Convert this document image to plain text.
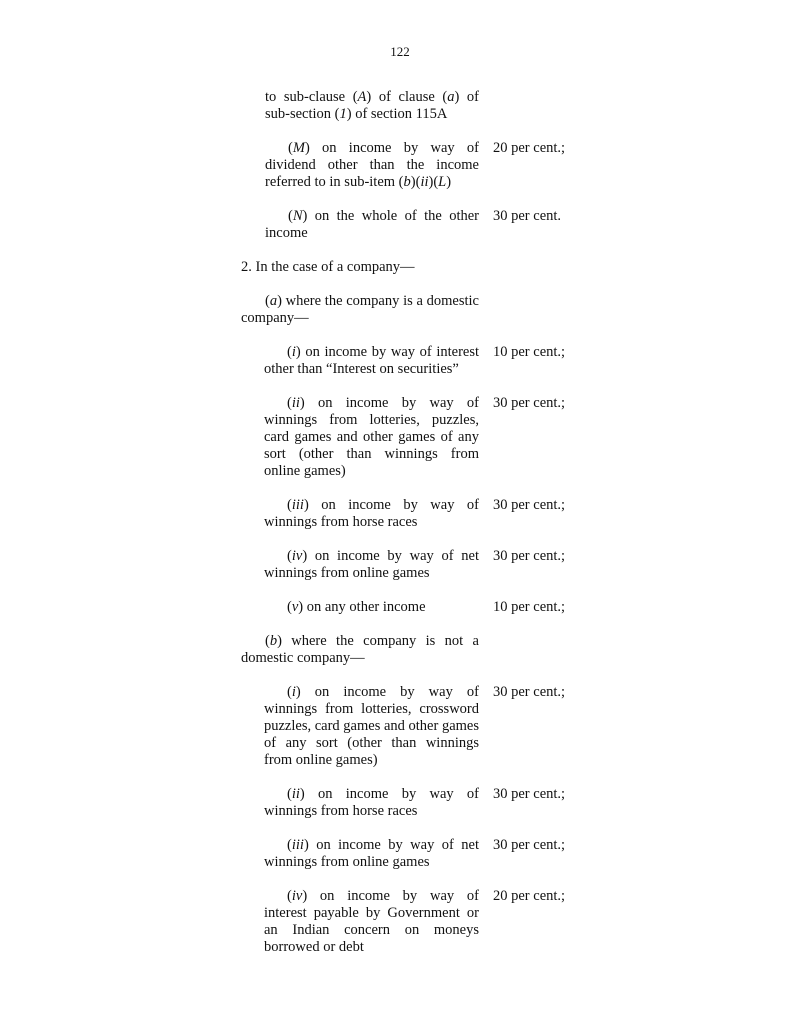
122
to sub-clause (A) of clause (a) of sub-section (1) of section 115A
(M) on income by way of dividend other than the income referred to in sub-item (b)(ii)(L)
20 per cent.;
(N) on the whole of the other income
30 per cent.
2. In the case of a company—
(a) where the company is a domestic company—
(i) on income by way of interest other than “Interest on securities”
10 per cent.;
(ii) on income by way of winnings from lotteries, puzzles, card games and other games of any sort (other than winnings from online games)
30 per cent.;
(iii) on income by way of winnings from horse races
30 per cent.;
(iv) on income by way of net winnings from online games
30 per cent.;
(v) on any other income	10 per cent.;
(b) where the company is not a domestic company—
(i) on income by way of winnings from lotteries, crossword puzzles, card games and other games of any sort (other than winnings from online games)
30 per cent.;
(ii) on income by way of winnings from horse races
30 per cent.;
(iii) on income by way of net winnings from online games
30 per cent.;
(iv) on income by way of interest payable by Government or an Indian concern on moneys borrowed or debt
20 per cent.;
